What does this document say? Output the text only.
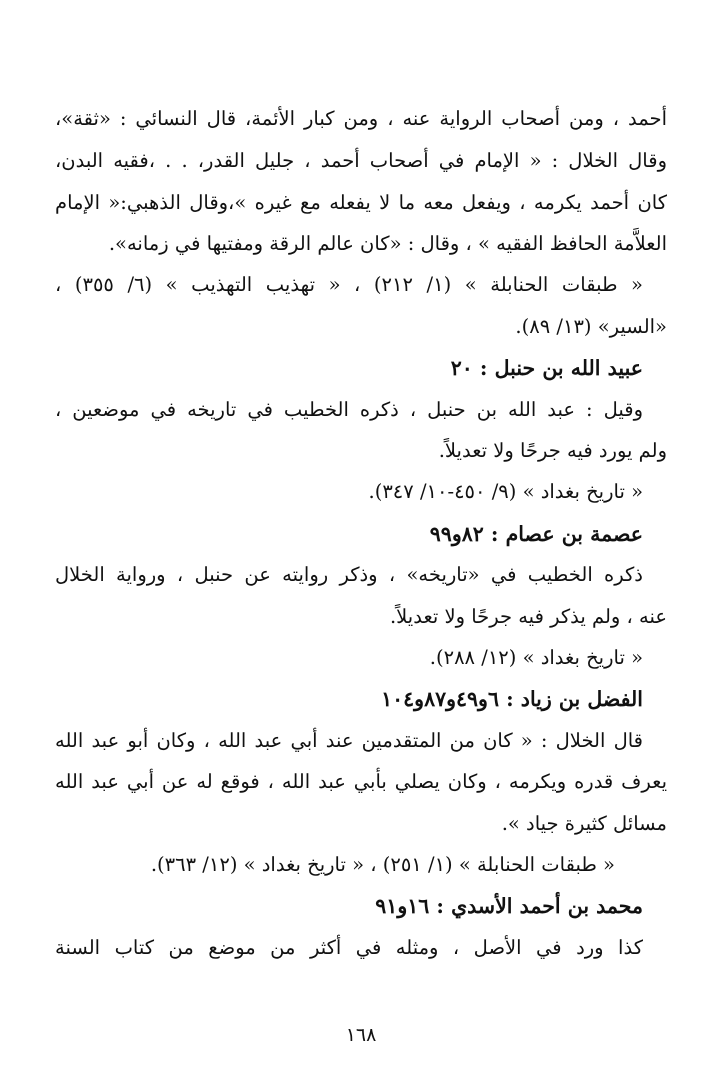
أحمد ، ومن أصحاب الرواية عنه ، ومن كبار الأئمة، قال النسائي : «ثقة»،
وقال الخلال : « الإمام في أصحاب أحمد ، جليل القدر، . . ،فقيه البدن،
كان أحمد يكرمه ، ويفعل معه ما لا يفعله مع غيره »،وقال الذهبي:« الإمام
العلاَّمة الحافظ الفقيه » ، وقال : «كان عالم الرقة ومفتيها في زمانه».
« طبقات الحنابلة » (١/ ٢١٢) ، « تهذيب التهذيب » (٦/ ٣٥٥) ،
«السير» (١٣/ ٨٩).
عبيد الله بن حنبل : ٢٠
وقيل : عبد الله بن حنبل ، ذكره الخطيب في تاريخه في موضعين ،
ولم يورد فيه جرحًا ولا تعديلاً.
« تاريخ بغداد » (٩/ ٤٥٠-١٠/ ٣٤٧).
عصمة بن عصام : ٨٢و٩٩
ذكره الخطيب في «تاريخه» ، وذكر روايته عن حنبل ، ورواية الخلال
عنه ، ولم يذكر فيه جرحًا ولا تعديلاً.
« تاريخ بغداد » (١٢/ ٢٨٨).
الفضل بن زياد : ٦و٤٩و٨٧و١٠٤
قال الخلال : « كان من المتقدمين عند أبي عبد الله ، وكان أبو عبد الله
يعرف قدره ويكرمه ، وكان يصلي بأبي عبد الله ، فوقع له عن أبي عبد الله
مسائل كثيرة جياد ».
« طبقات الحنابلة » (١/ ٢٥١) ، « تاريخ بغداد » (١٢/ ٣٦٣).
محمد بن أحمد الأسدي : ١٦و٩١
كذا ورد في الأصل ، ومثله في أكثر من موضع من كتاب السنة
١٦٨
